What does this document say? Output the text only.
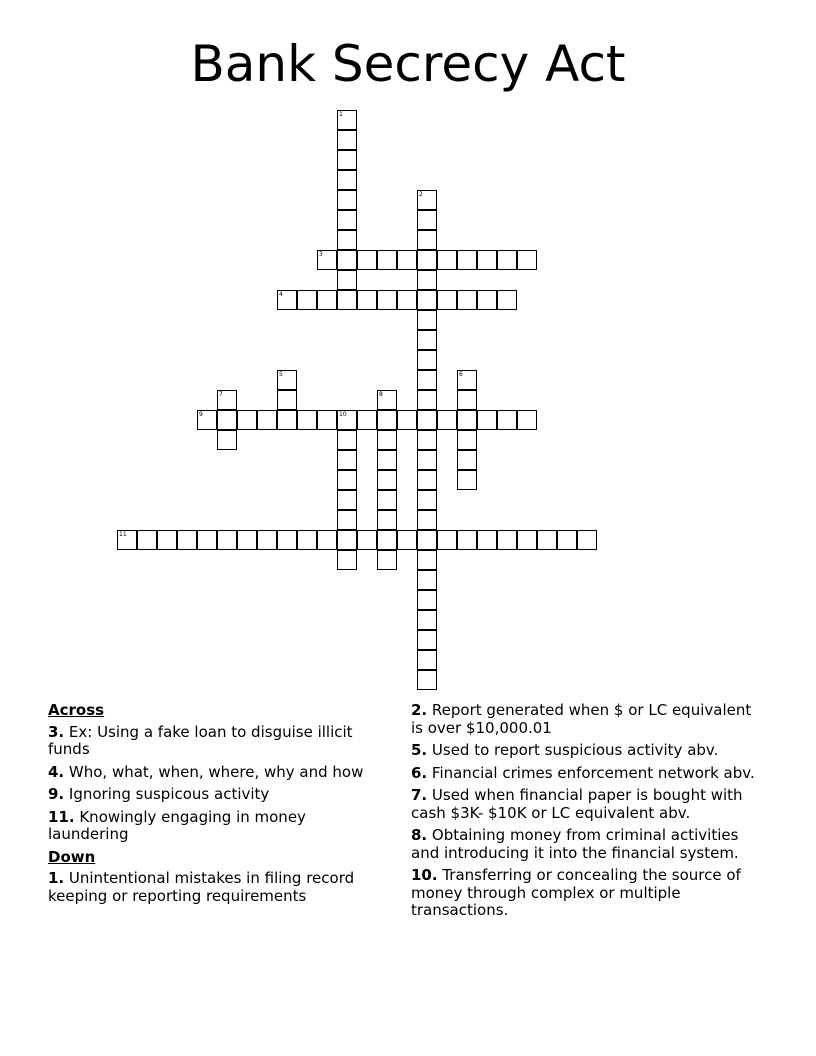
Bank Secrecy Act
1
2
3
4
5	6
7	8
9	10
11
Across
3. Ex: Using a fake loan to disguise illicit funds
4. Who, what, when, where, why and how
9. Ignoring suspicous activity
11. Knowingly engaging in money laundering
Down
1. Unintentional mistakes in filing record keeping or reporting requirements
2. Report generated when $ or LC equivalent is over $10,000.01
5. Used to report suspicious activity abv.
6. Financial crimes enforcement network abv.
7. Used when financial paper is bought with cash $3K- $10K or LC equivalent abv.
8. Obtaining money from criminal activities and introducing it into the financial system.
10. Transferring or concealing the source of money through complex or multiple transactions.
